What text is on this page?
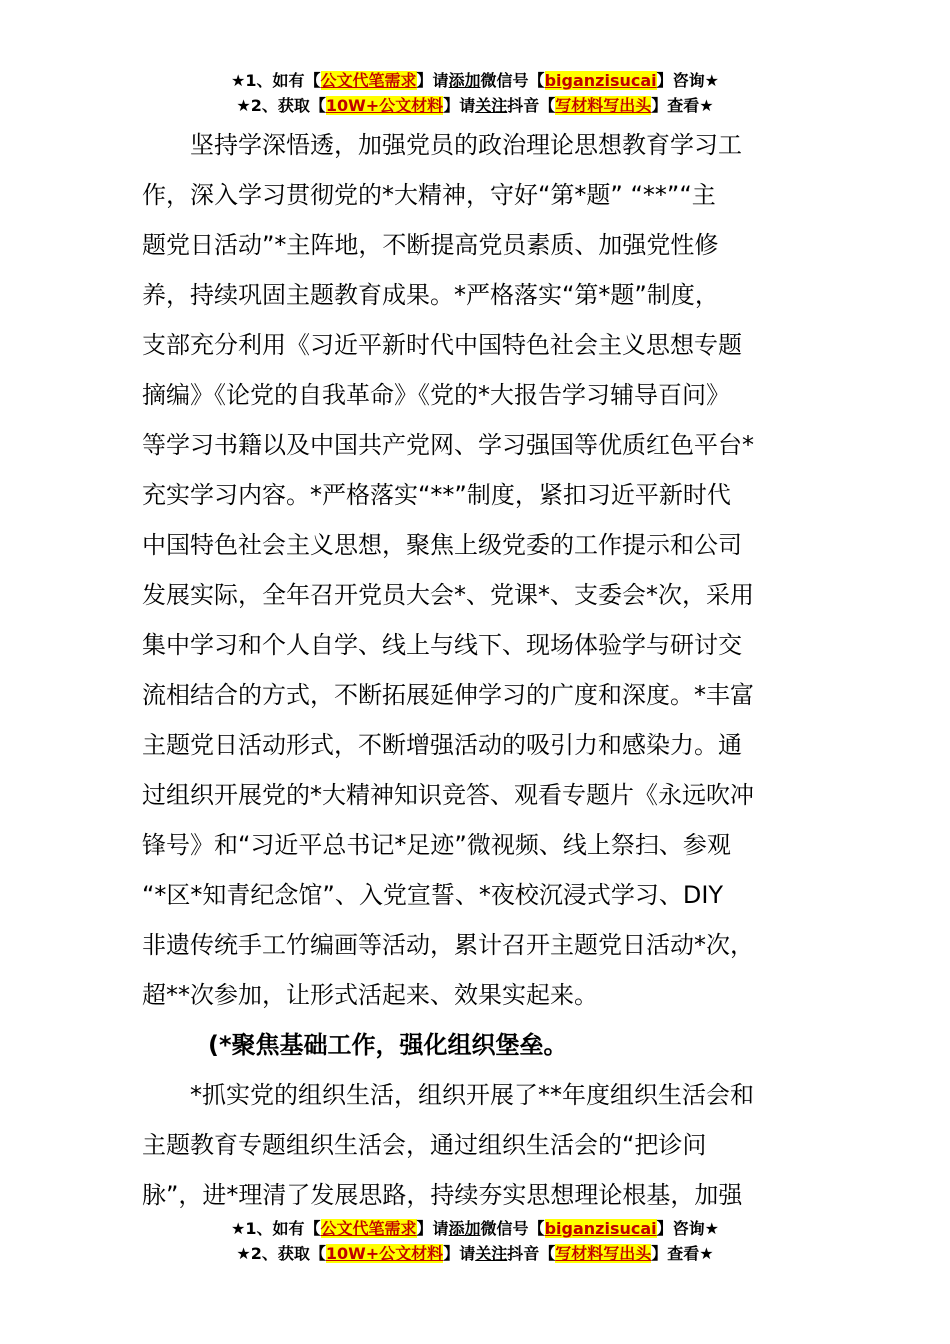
★1、如有【公文代笔需求】请添加微信号【biganzisucai】咨询★
★2、获取【10W+公文材料】请关注抖音【写材料写出头】查看★
坚持学深悟透，加强党员的政治理论思想教育学习工
作，深入学习贯彻党的*大精神，守好“第*题” “**”“主
题党日活动”*主阵地，不断提高党员素质、加强党性修
养，持续巩固主题教育成果。*严格落实“第*题”制度，
支部充分利用《习近平新时代中国特色社会主义思想专题
摘编》《论党的自我革命》《党的*大报告学习辅导百问》
等学习书籍以及中国共产党网、学习强国等优质红色平台*
充实学习内容。*严格落实“**”制度，紧扣习近平新时代
中国特色社会主义思想，聚焦上级党委的工作提示和公司
发展实际，全年召开党员大会*、党课*、支委会*次，采用
集中学习和个人自学、线上与线下、现场体验学与研讨交
流相结合的方式，不断拓展延伸学习的广度和深度。*丰富
主题党日活动形式，不断增强活动的吸引力和感染力。通
过组织开展党的*大精神知识竞答、观看专题片《永远吹冲
锋号》和“习近平总书记*足迹”微视频、线上祭扫、参观
“*区*知青纪念馆”、入党宣誓、*夜校沉浸式学习、DIY
非遗传统手工竹编画等活动，累计召开主题党日活动*次，
超**次参加，让形式活起来、效果实起来。
(*聚焦基础工作，强化组织堡垒。
*抓实党的组织生活，组织开展了**年度组织生活会和
主题教育专题组织生活会，通过组织生活会的“把诊问
脉”，进*理清了发展思路，持续夯实思想理论根基，加强
★1、如有【公文代笔需求】请添加微信号【biganzisucai】咨询★
★2、获取【10W+公文材料】请关注抖音【写材料写出头】查看★
